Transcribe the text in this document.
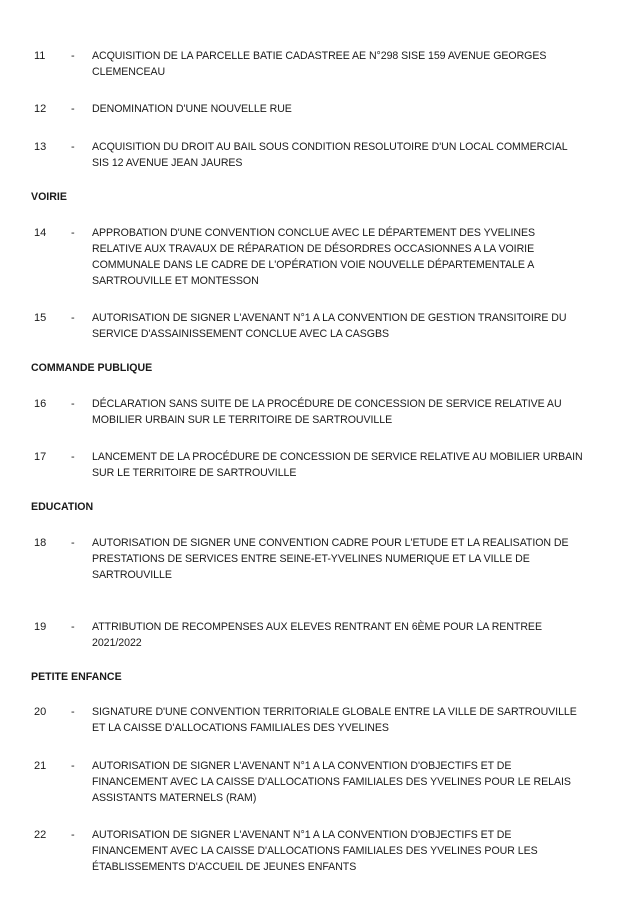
11	-	ACQUISITION DE LA PARCELLE BATIE CADASTREE AE N°298 SISE 159 AVENUE GEORGES
CLEMENCEAU
12	-	DENOMINATION D'UNE NOUVELLE RUE
13	-	ACQUISITION DU DROIT AU BAIL SOUS CONDITION RESOLUTOIRE D'UN LOCAL COMMERCIAL
SIS 12 AVENUE JEAN JAURES
VOIRIE
14	-	APPROBATION D'UNE CONVENTION CONCLUE AVEC LE DÉPARTEMENT DES YVELINES
RELATIVE AUX TRAVAUX DE RÉPARATION DE DÉSORDRES OCCASIONNES A LA VOIRIE
COMMUNALE DANS LE CADRE DE L'OPÉRATION VOIE NOUVELLE DÉPARTEMENTALE A
SARTROUVILLE ET MONTESSON
15	-	AUTORISATION DE SIGNER L'AVENANT N°1 A LA CONVENTION DE GESTION TRANSITOIRE DU
SERVICE D'ASSAINISSEMENT CONCLUE AVEC LA CASGBS
COMMANDE PUBLIQUE
16	-	DÉCLARATION SANS SUITE DE LA PROCÉDURE DE CONCESSION DE SERVICE RELATIVE AU
MOBILIER URBAIN SUR LE TERRITOIRE DE SARTROUVILLE
17	-	LANCEMENT DE LA PROCÉDURE DE CONCESSION DE SERVICE RELATIVE AU MOBILIER URBAIN
SUR LE TERRITOIRE DE SARTROUVILLE
EDUCATION
18	-	AUTORISATION DE SIGNER UNE CONVENTION CADRE POUR L'ETUDE ET LA REALISATION DE
PRESTATIONS DE SERVICES ENTRE SEINE-ET-YVELINES NUMERIQUE ET LA VILLE DE
SARTROUVILLE
19	-	ATTRIBUTION DE RECOMPENSES AUX ELEVES RENTRANT EN 6ÈME POUR LA RENTREE
2021/2022
PETITE ENFANCE
20	-	SIGNATURE D'UNE CONVENTION TERRITORIALE GLOBALE ENTRE LA VILLE DE SARTROUVILLE
ET LA CAISSE D'ALLOCATIONS FAMILIALES DES YVELINES
21	-	AUTORISATION DE SIGNER L'AVENANT N°1 A LA CONVENTION D'OBJECTIFS ET DE
FINANCEMENT AVEC LA CAISSE D'ALLOCATIONS FAMILIALES DES YVELINES POUR LE RELAIS
ASSISTANTS MATERNELS (RAM)
22	-	AUTORISATION DE SIGNER L'AVENANT N°1 A LA CONVENTION D'OBJECTIFS ET DE
FINANCEMENT AVEC LA CAISSE D'ALLOCATIONS FAMILIALES DES YVELINES POUR LES
ÉTABLISSEMENTS D'ACCUEIL DE JEUNES ENFANTS
